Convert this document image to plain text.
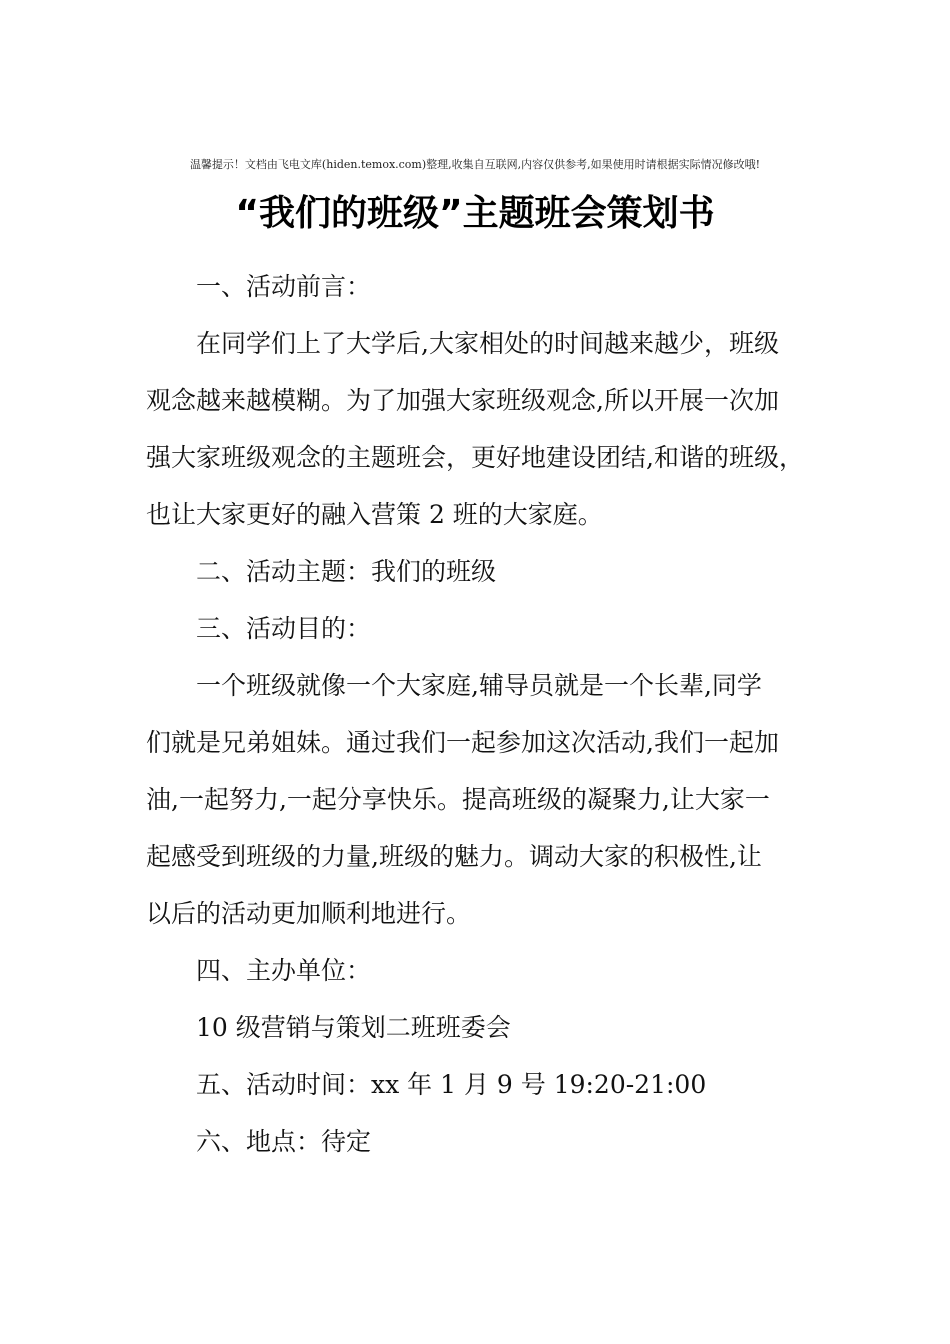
温馨提示！文档由飞电文库(hiden.temox.com)整理,收集自互联网,内容仅供参考,如果使用时请根据实际情况修改哦!
“我们的班级”主题班会策划书
一、活动前言：
在同学们上了大学后,大家相处的时间越来越少，班级
观念越来越模糊。为了加强大家班级观念,所以开展一次加
强大家班级观念的主题班会，更好地建设团结,和谐的班级，
也让大家更好的融入营策 2 班的大家庭。
二、活动主题：我们的班级
三、活动目的：
一个班级就像一个大家庭,辅导员就是一个长辈,同学
们就是兄弟姐妹。通过我们一起参加这次活动,我们一起加
油,一起努力,一起分享快乐。提高班级的凝聚力,让大家一
起感受到班级的力量,班级的魅力。调动大家的积极性,让
以后的活动更加顺利地进行。
四、主办单位：
10 级营销与策划二班班委会
五、活动时间：xx 年 1 月 9 号 19:20-21:00
六、地点：待定
